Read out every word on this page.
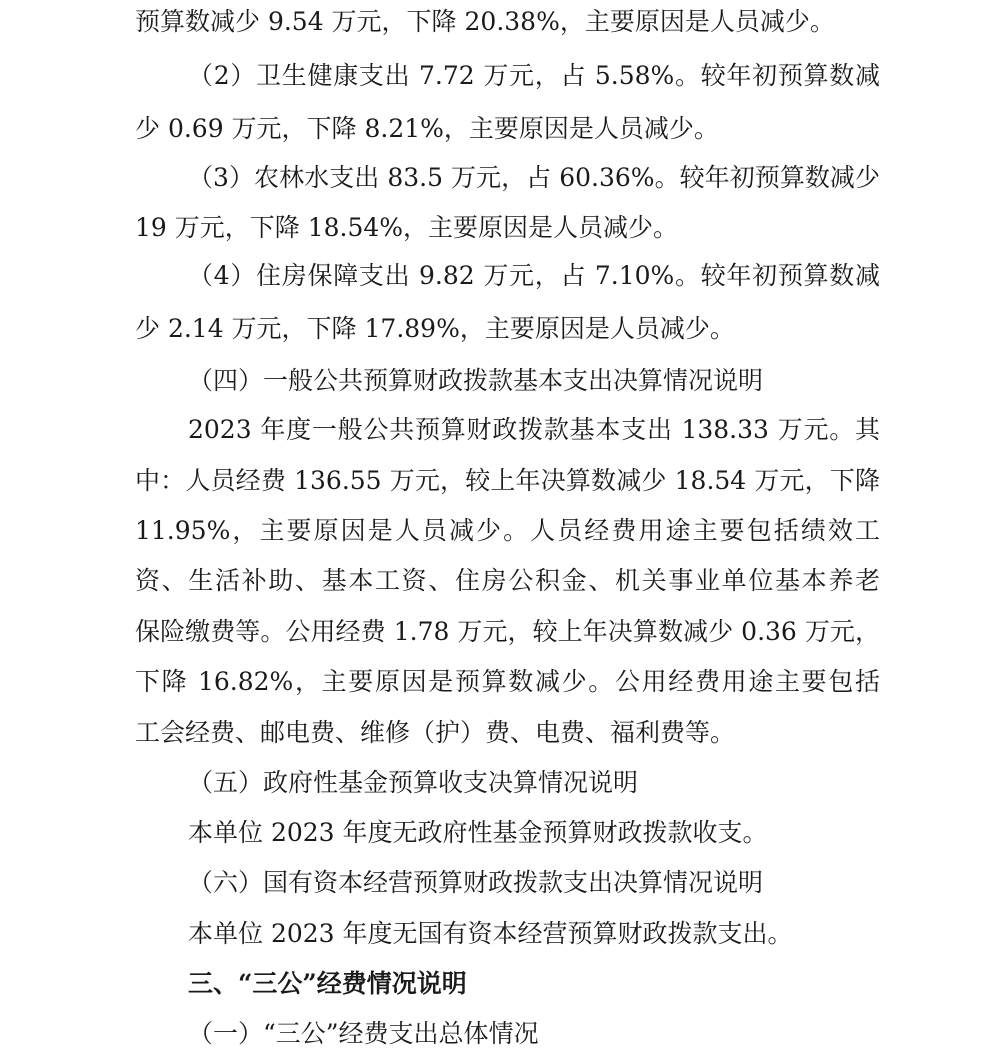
预算数减少 9.54 万元，下降 20.38%，主要原因是人员减少。
（2）卫生健康支出 7.72 万元，占 5.58%。较年初预算数减
少 0.69 万元，下降 8.21%，主要原因是人员减少。
（3）农林水支出 83.5 万元，占 60.36%。较年初预算数减少
19 万元，下降 18.54%，主要原因是人员减少。
（4）住房保障支出 9.82 万元，占 7.10%。较年初预算数减
少 2.14 万元，下降 17.89%，主要原因是人员减少。
（四）一般公共预算财政拨款基本支出决算情况说明
2023 年度一般公共预算财政拨款基本支出 138.33 万元。其
中：人员经费 136.55 万元，较上年决算数减少 18.54 万元，下降
11.95%，主要原因是人员减少。人员经费用途主要包括绩效工
资、生活补助、基本工资、住房公积金、机关事业单位基本养老
保险缴费等。公用经费 1.78 万元，较上年决算数减少 0.36 万元，
下降 16.82%，主要原因是预算数减少。公用经费用途主要包括
工会经费、邮电费、维修（护）费、电费、福利费等。
（五）政府性基金预算收支决算情况说明
本单位 2023 年度无政府性基金预算财政拨款收支。
（六）国有资本经营预算财政拨款支出决算情况说明
本单位 2023 年度无国有资本经营预算财政拨款支出。
三、“三公”经费情况说明
（一）“三公”经费支出总体情况
